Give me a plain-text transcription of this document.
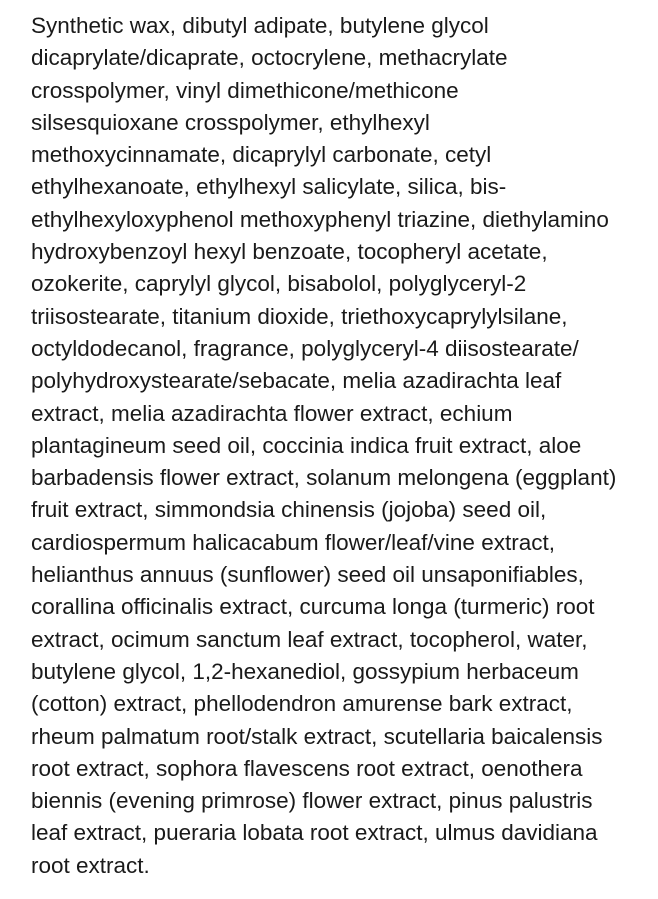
Synthetic wax, dibutyl adipate, butylene glycol
dicaprylate/dicaprate, octocrylene, methacrylate
crosspolymer, vinyl dimethicone/methicone
silsesquioxane crosspolymer, ethylhexyl
methoxycinnamate, dicaprylyl carbonate, cetyl
ethylhexanoate, ethylhexyl salicylate, silica, bis-
ethylhexyloxyphenol methoxyphenyl triazine, diethylamino
hydroxybenzoyl hexyl benzoate, tocopheryl acetate,
ozokerite, caprylyl glycol, bisabolol, polyglyceryl-2
triisostearate, titanium dioxide, triethoxycaprylylsilane,
octyldodecanol, fragrance, polyglyceryl-4 diisostearate/
polyhydroxystearate/sebacate, melia azadirachta leaf
extract, melia azadirachta flower extract, echium
plantagineum seed oil, coccinia indica fruit extract, aloe
barbadensis flower extract, solanum melongena (eggplant)
fruit extract, simmondsia chinensis (jojoba) seed oil,
cardiospermum halicacabum flower/leaf/vine extract,
helianthus annuus (sunflower) seed oil unsaponifiables,
corallina officinalis extract, curcuma longa (turmeric) root
extract, ocimum sanctum leaf extract, tocopherol, water,
butylene glycol, 1,2-hexanediol, gossypium herbaceum
(cotton) extract, phellodendron amurense bark extract,
rheum palmatum root/stalk extract, scutellaria baicalensis
root extract, sophora flavescens root extract, oenothera
biennis (evening primrose) flower extract, pinus palustris
leaf extract, pueraria lobata root extract, ulmus davidiana
root extract.
